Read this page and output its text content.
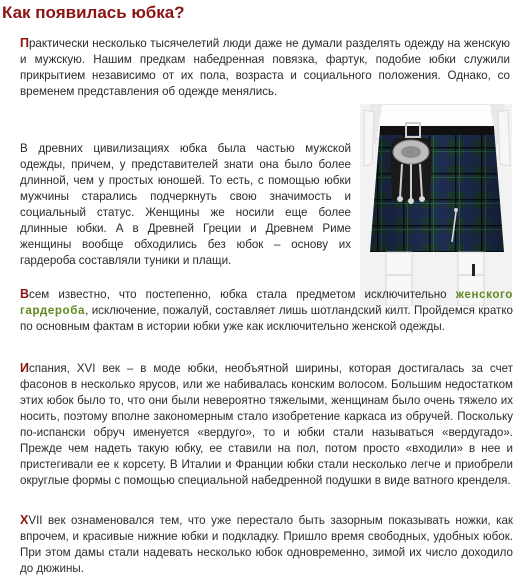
Как появилась юбка?

Практически несколько тысячелетий люди даже не думали разделять одежду на женскую и мужскую. Нашим предкам набедренная повязка, фартук, подобие юбки служили прикрытием независимо от их пола, возраста и социального положения. Однако, со временем представления об одежде менялись.

В древних цивилизациях юбка была частью мужской одежды, причем, у представителей знати она было более длинной, чем у простых юношей. То есть, с помощью юбки мужчины старались подчеркнуть свою значимость и социальный статус. Женщины же носили еще более длинные юбки. А в Древней Греции и Древнем Риме женщины вообще обходились без юбок – основу их гардероба составляли туники и плащи.

Всем известно, что постепенно, юбка стала предметом исключительно женского гардероба, исключение, пожалуй, составляет лишь шотландский килт. Пройдемся кратко по основным фактам в истории юбки уже как исключительно женской одежды.

Испания, XVI век – в моде юбки, необъятной ширины, которая достигалась за счет фасонов в несколько ярусов, или же набивалась конским волосом. Большим недостатком этих юбок было то, что они были невероятно тяжелыми, женщинам было очень тяжело их носить, поэтому вполне закономерным стало изобретение каркаса из обручей. Поскольку по-испански обруч именуется «вердуго», то и юбки стали называться «вердугадо». Прежде чем надеть такую юбку, ее ставили на пол, потом просто «входили» в нее и пристегивали ее к корсету. В Италии и Франции юбки стали несколько легче и приобрели округлые формы с помощью специальной набедренной подушки в виде ватного кренделя.

XVII век ознаменовался тем, что уже перестало быть зазорным показывать ножки, как впрочем, и красивые нижние юбки и подкладку. Пришло время свободных, удобных юбок. При этом дамы стали надевать несколько юбок одновременно, зимой их число доходило до дюжины.
